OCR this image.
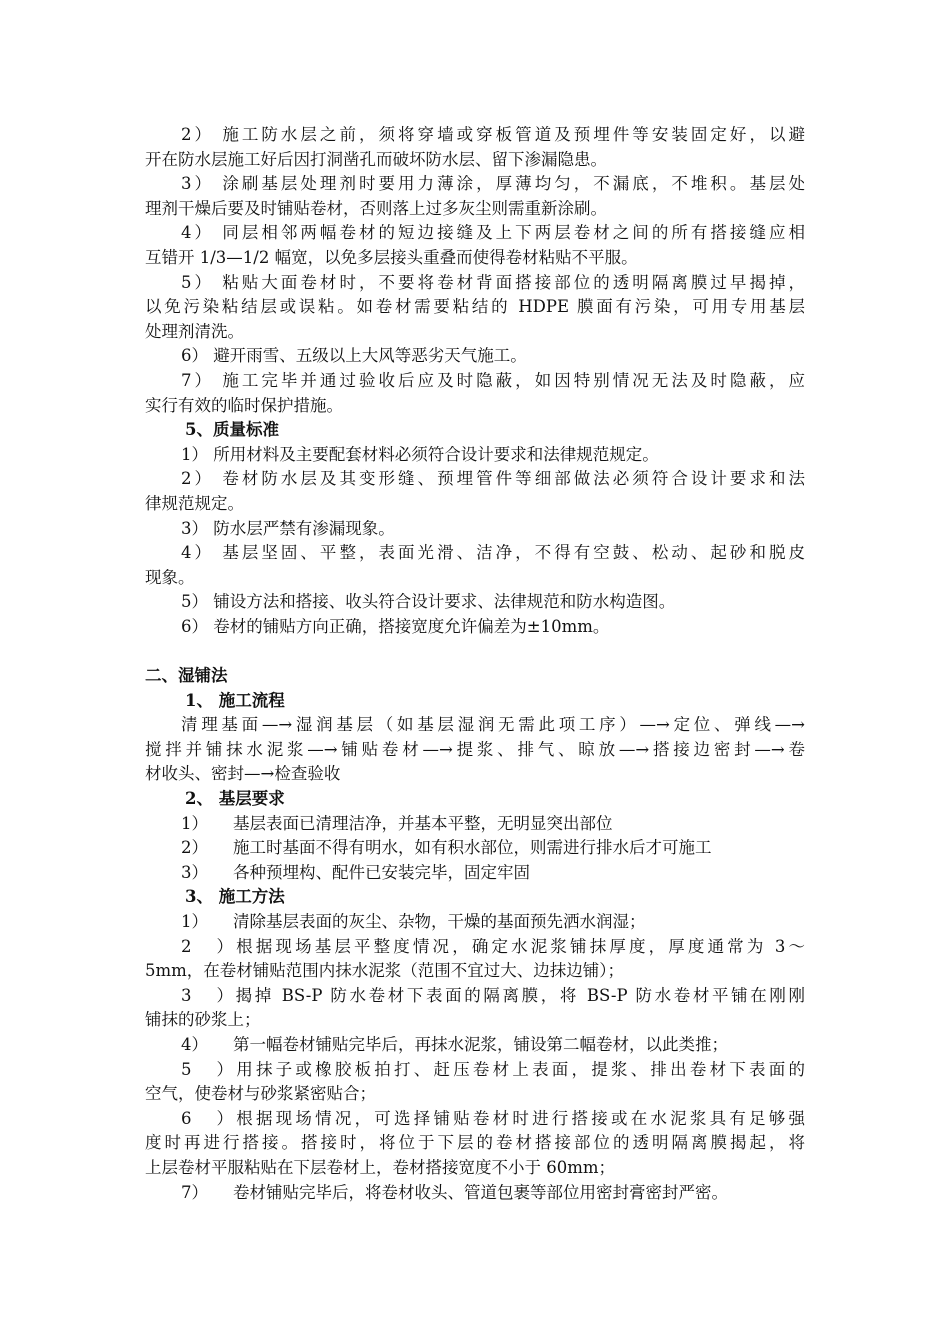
2） 施工防水层之前，须将穿墙或穿板管道及预埋件等安装固定好，以避
开在防水层施工好后因打洞凿孔而破坏防水层、留下渗漏隐患。
3） 涂刷基层处理剂时要用力薄涂，厚薄均匀，不漏底，不堆积。基层处
理剂干燥后要及时铺贴卷材，否则落上过多灰尘则需重新涂刷。
4） 同层相邻两幅卷材的短边接缝及上下两层卷材之间的所有搭接缝应相
互错开 1/3—1/2 幅宽，以免多层接头重叠而使得卷材粘贴不平服。
5） 粘贴大面卷材时，不要将卷材背面搭接部位的透明隔离膜过早揭掉，
以免污染粘结层或误粘。如卷材需要粘结的 HDPE 膜面有污染，可用专用基层
处理剂清洗。
6） 避开雨雪、五级以上大风等恶劣天气施工。
7） 施工完毕并通过验收后应及时隐蔽，如因特别情况无法及时隐蔽，应
实行有效的临时保护措施。
5、质量标准
1） 所用材料及主要配套材料必须符合设计要求和法律规范规定。
2） 卷材防水层及其变形缝、预埋管件等细部做法必须符合设计要求和法
律规范规定。
3） 防水层严禁有渗漏现象。
4） 基层坚固、平整，表面光滑、洁净，不得有空鼓、松动、起砂和脱皮
现象。
5） 铺设方法和搭接、收头符合设计要求、法律规范和防水构造图。
6） 卷材的铺贴方向正确，搭接宽度允许偏差为±10mm。
二、湿铺法
1、 施工流程
清理基面—→湿润基层（如基层湿润无需此项工序）—→定位、弹线—→
搅拌并铺抹水泥浆—→铺贴卷材—→提浆、排气、晾放—→搭接边密封—→卷
材收头、密封—→检查验收
2、 基层要求
1） 基层表面已清理洁净，并基本平整，无明显突出部位
2） 施工时基面不得有明水，如有积水部位，则需进行排水后才可施工
3） 各种预埋构、配件已安装完毕，固定牢固
3、 施工方法
1） 清除基层表面的灰尘、杂物，干燥的基面预先洒水润湿；
2）根据现场基层平整度情况，确定水泥浆铺抹厚度，厚度通常为 3～
5mm，在卷材铺贴范围内抹水泥浆（范围不宜过大、边抹边铺）；
3）揭掉 BS-P 防水卷材下表面的隔离膜，将 BS-P 防水卷材平铺在刚刚
铺抹的砂浆上；
4） 第一幅卷材铺贴完毕后，再抹水泥浆，铺设第二幅卷材，以此类推；
5）用抹子或橡胶板拍打、赶压卷材上表面，提浆、排出卷材下表面的
空气，使卷材与砂浆紧密贴合；
6）根据现场情况，可选择铺贴卷材时进行搭接或在水泥浆具有足够强
度时再进行搭接。搭接时，将位于下层的卷材搭接部位的透明隔离膜揭起，将
上层卷材平服粘贴在下层卷材上，卷材搭接宽度不小于 60mm；
7） 卷材铺贴完毕后，将卷材收头、管道包裹等部位用密封膏密封严密。
